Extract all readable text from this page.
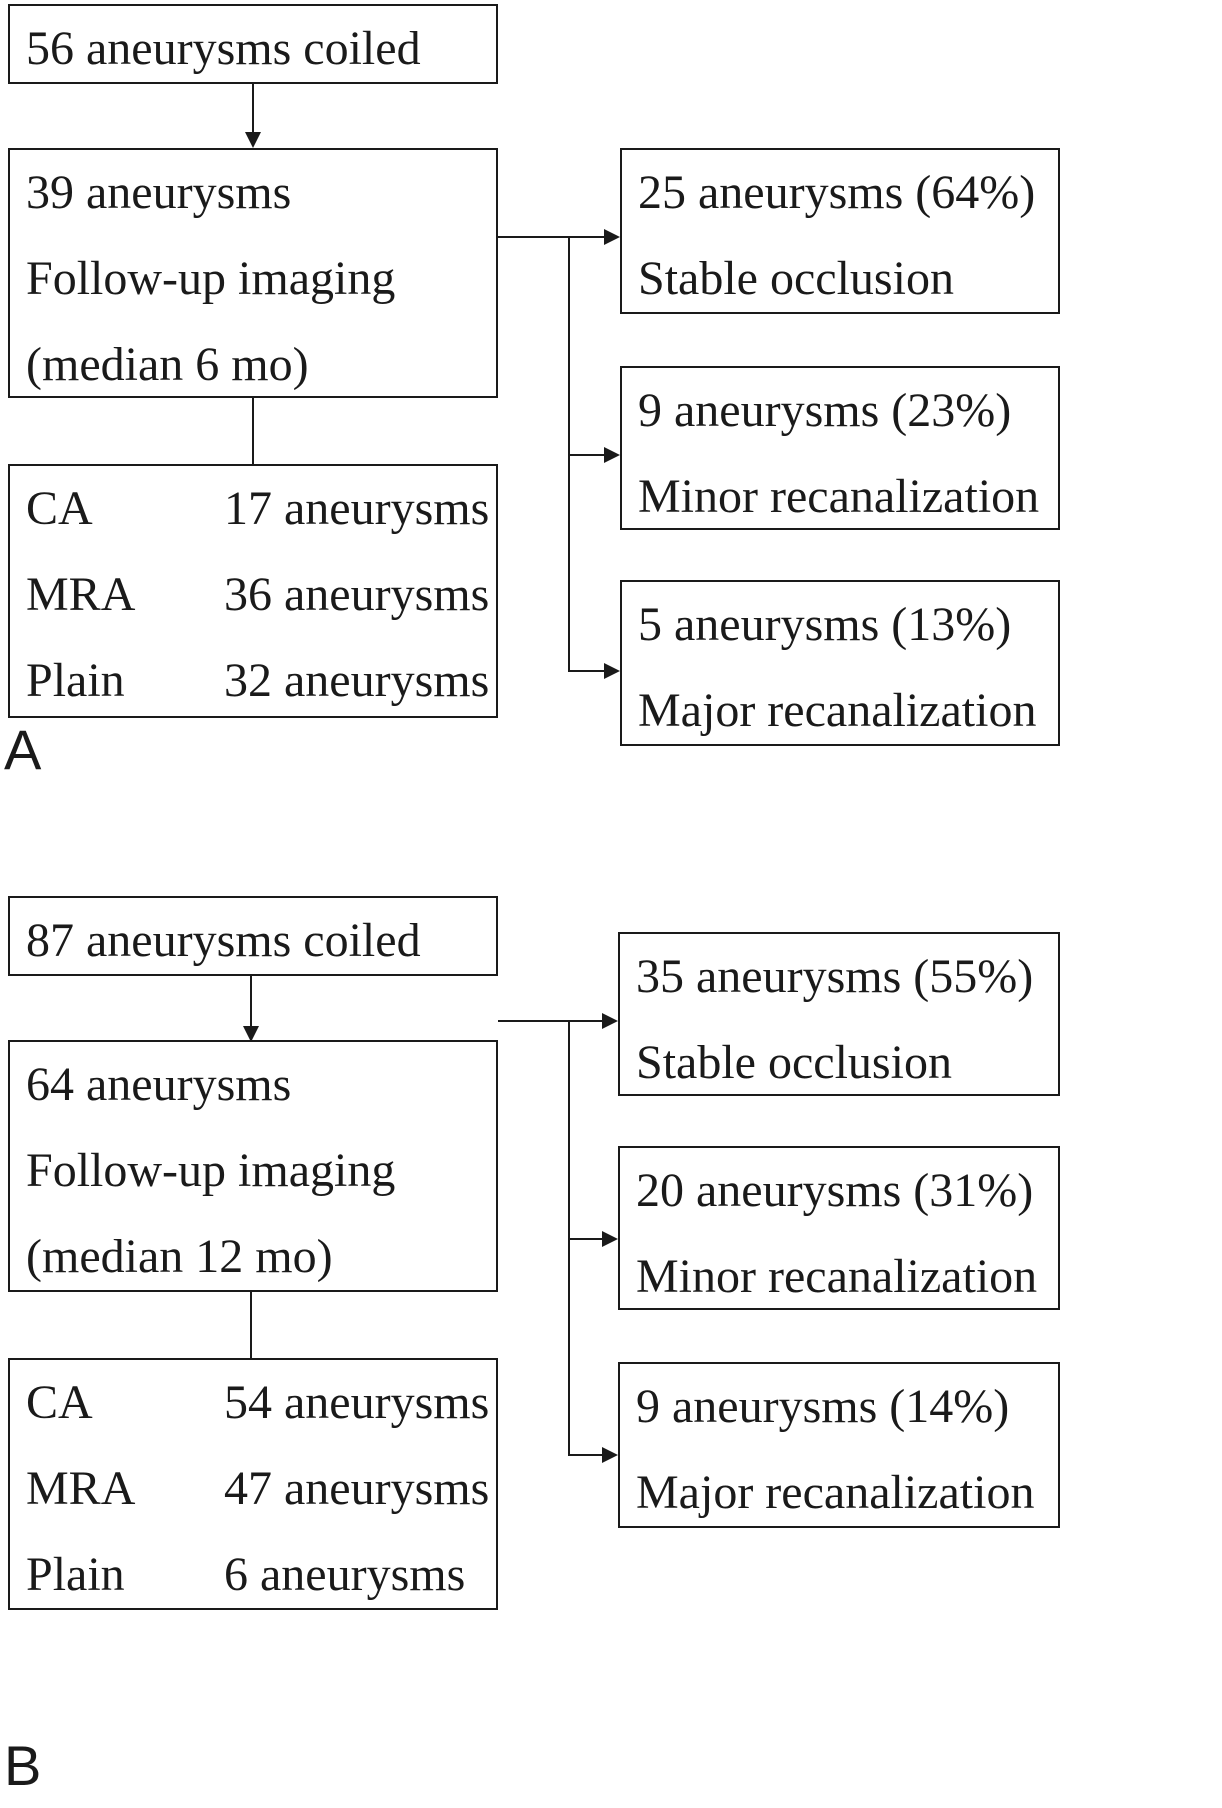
56 aneurysms coiled
39 aneurysms
Follow-up imaging
(median 6 mo)
CA	17 aneurysms
MRA 36 aneurysms
Plain 32 aneurysms
25 aneurysms (64%)
Stable occlusion
9 aneurysms (23%)
Minor recanalization
5 aneurysms (13%)
Major recanalization
A
87 aneurysms coiled
64 aneurysms
Follow-up imaging
(median 12 mo)
CA	54 aneurysms
MRA 47 aneurysms
Plain 6 aneurysms
35 aneurysms (55%)
Stable occlusion
20 aneurysms (31%)
Minor recanalization
9 aneurysms (14%)
Major recanalization
B
